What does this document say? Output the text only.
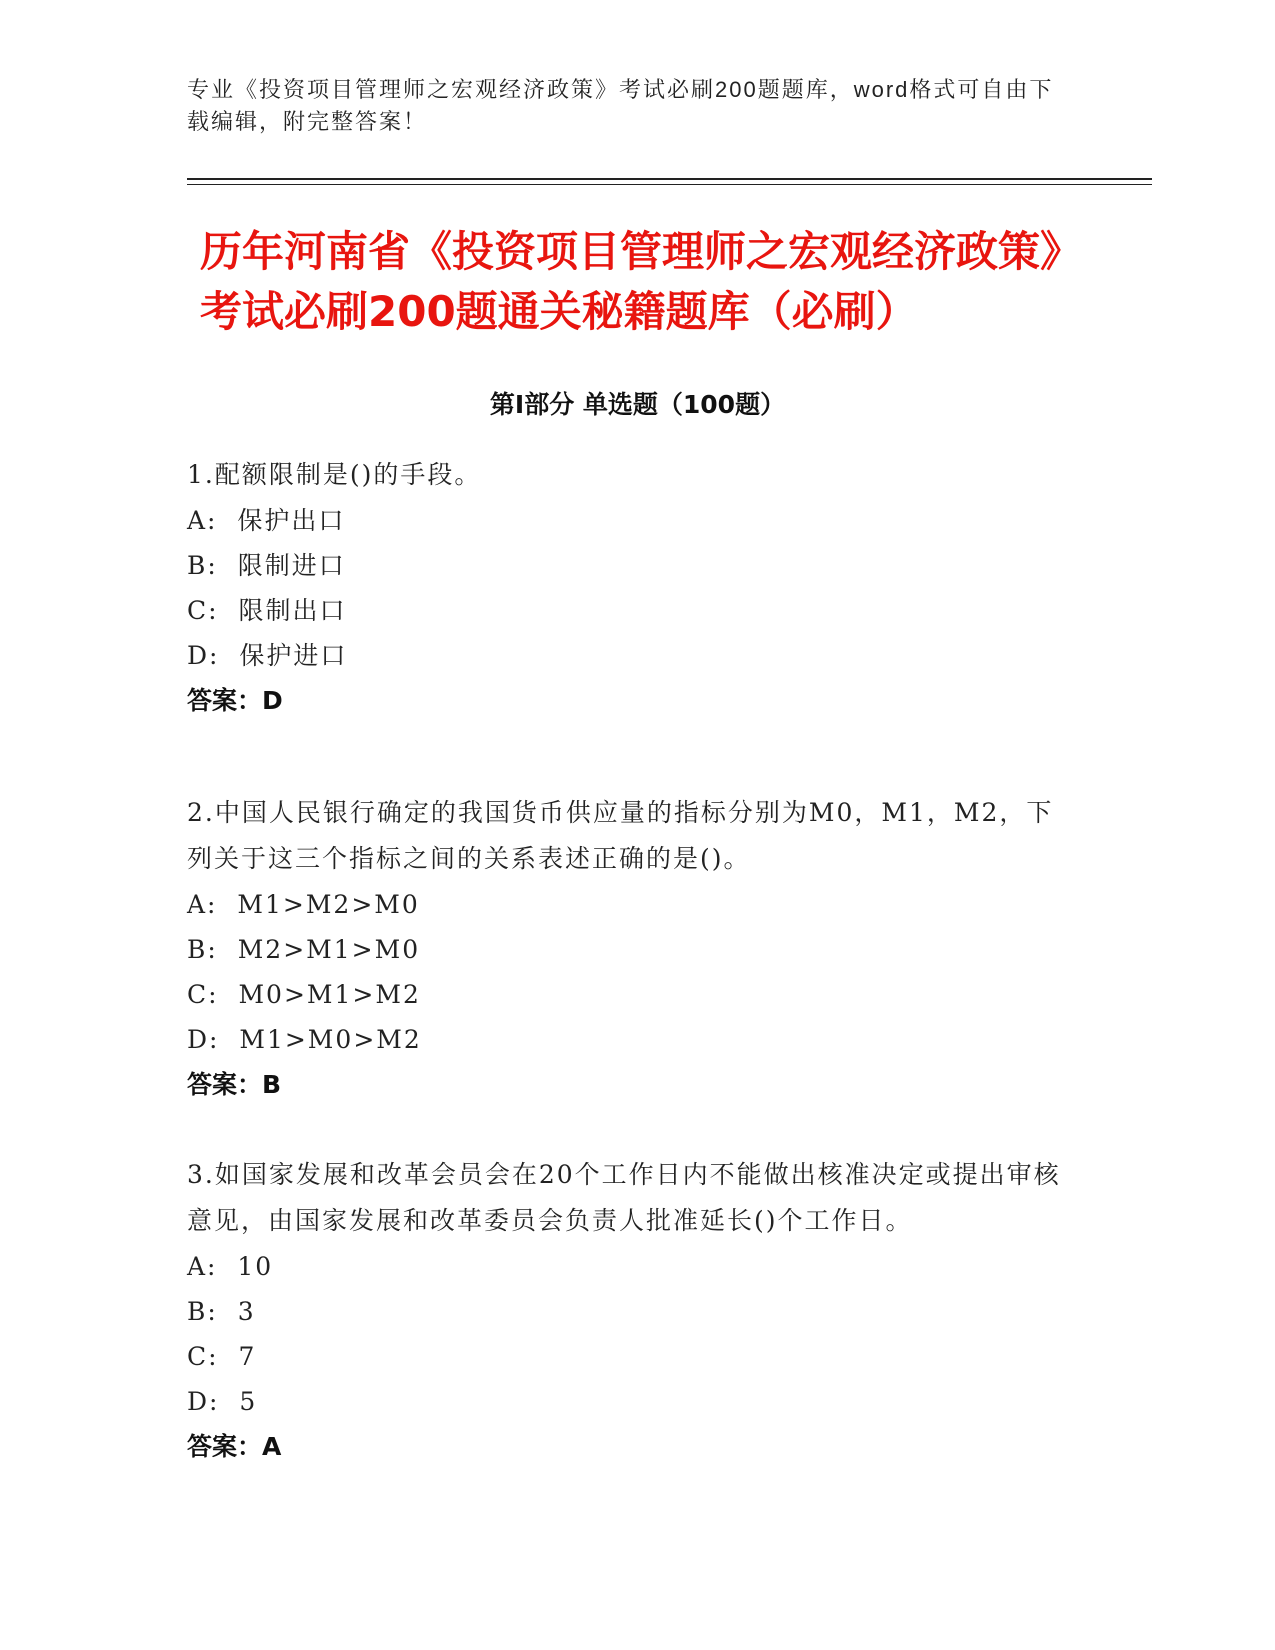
专业《投资项目管理师之宏观经济政策》考试必刷200题题库，word格式可自由下载编辑，附完整答案！
历年河南省《投资项目管理师之宏观经济政策》考试必刷200题通关秘籍题库（必刷）
第Ⅰ部分 单选题（100题）

1.配额限制是()的手段。

A:  保护出口

B:  限制进口

C:  限制出口

D:  保护进口

答案：D

2.中国人民银行确定的我国货币供应量的指标分别为M0，M1，M2，下列关于这三个指标之间的关系表述正确的是()。

A:  M1>M2>M0

B:  M2>M1>M0

C:  M0>M1>M2

D:  M1>M0>M2

答案：B

3.如国家发展和改革会员会在20个工作日内不能做出核准决定或提出审核意见，由国家发展和改革委员会负责人批准延长()个工作日。

A:  10

B:  3

C:  7

D:  5

答案：A
